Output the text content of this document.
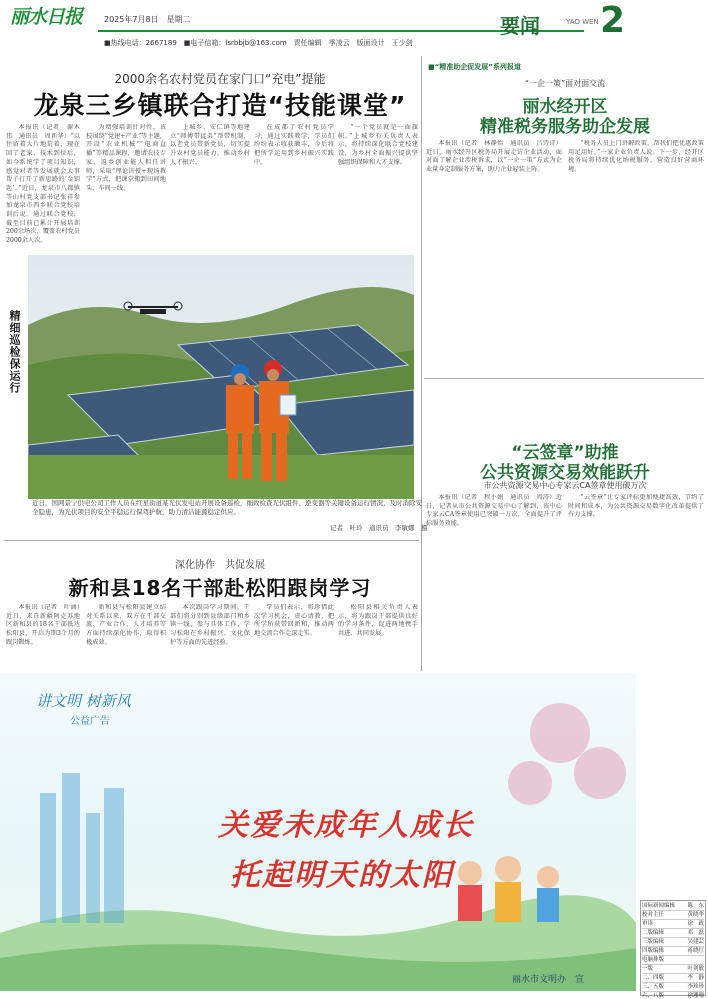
丽水日报	2025年7月8日　星期二
■热线电话：2667189　■电子信箱：lsrbbjb@163.com　责任编辑　季凌云　版面设计　王少剑
要闻	YAO WEN 2
2000余名农村党员在家门口“充电”提能
龙泉三乡镇联合打造“技能课堂”

本报讯（记者　谢木伟　通讯员　周新华）“以往留着大片地荒着，现在回了老家，技术到位后，如今系统学了项目知识，感觉对者等发展就会大事帮子打开了新思路的‘金钥匙’。”近日，龙泉市八都镇等山村党支部书记张祥参加龙泉市西乡联合党校培训后说。通过联合党校，截至目前已累计开展培训200余场次，覆盖农村党员2000余人次。

为增强培训针对性，该校围绕“党建+产业”等主题，开设“农业机械”“电商直播”等精品课程，邀请农技专家、返乡创业能人担任讲师，采取“理论讲授+现场教学”方式，把课堂搬到田间地头、车间一线。

上城乡、安仁镇等地建立“师傅带徒弟”帮带机制，以老党员带新党员，切实提升农村党员能力，推动乡村人才振兴。

在成都了农村党员学习，通过实践教学，学员们纷纷表示收获颇丰，今后将把所学运用到乡村振兴实践中。

“一个党员就是一面旗帜。”上城乡有关负责人表示，将持续深化联合党校建设，为乡村全面振兴提供坚强组织保障和人才支撑。

精细巡检保运行
近日，国网景宁供电公司工作人员在红星街道某光伏发电站开展设备巡检，细致检查光伏组件、逆变器等关键设备运行情况，及时消除安全隐患，为光伏项目的安全平稳运行保驾护航，助力清洁能源稳定供应。
记者　叶玲　通讯员　李敏娜　摄
深化协作　共促发展
新和县18名干部赴松阳跟岗学习

本报讯（记者　叶涵）近日，来自新疆阿克苏地区新和县的18名干部抵达松阳县，开启为期3个月的跟岗锻炼。

新和县与松阳县建立结对关系以来，双方在干部交流、产业合作、人才培养等方面持续深化协作，取得积极成效。

本次跟岗学习期间，干部们将分别到县级部门和乡镇一线，参与具体工作，学习松阳在乡村振兴、文化保护等方面的先进经验。

学员们表示，将珍惜此次学习机会，虚心请教，把所学所获带回新和，推动两地交流合作走深走实。

松阳县相关负责人表示，将为跟岗干部提供良好的学习条件，促进两地携手共进、共同发展。

■“精准助企促发展”系列报道
“一企一策”面对面交流
丽水经开区
精准税务服务助企发展

本报讯（记者　林静怡　通讯员　吕诗诗）近日，丽水经开区税务局开展走访企业活动，面对面了解企业涉税诉求，以“一企一策”方式为企业量身定制服务方案，助力企业轻装上阵。

“税务人员上门讲解政策，帮我们把优惠政策用足用好。”一家企业负责人说。下一步，经开区税务局将持续优化纳税服务，营造良好营商环境。

“云签章”助推
公共资源交易效能跃升
市公共资源交易中心专家云CA签章使用破万次

本报讯（记者　程小娟　通讯员　周涛）近日，记者从市公共资源交易中心了解到，该中心专家云CA签章使用已突破一万次，全面提升了评标服务效能。

“云签章”让专家评标更加便捷高效，节约了时间和成本，为公共资源交易数字化改革提供了有力支撑。

讲文明 树新风
公益广告
关爱未成年人成长
托起明天的太阳
丽水市文明办　宣
国际新闻编辑 陈　东
校对主任	黄晓华
审读	徐　政
二版编辑	邓　磊
三版编辑	吴建芸
四版编辑	蒋晓红
电脑排版
一版	叶剑敏
二、四版	李　静
三、五版	李珍珍
六、八版	徐珊珊
